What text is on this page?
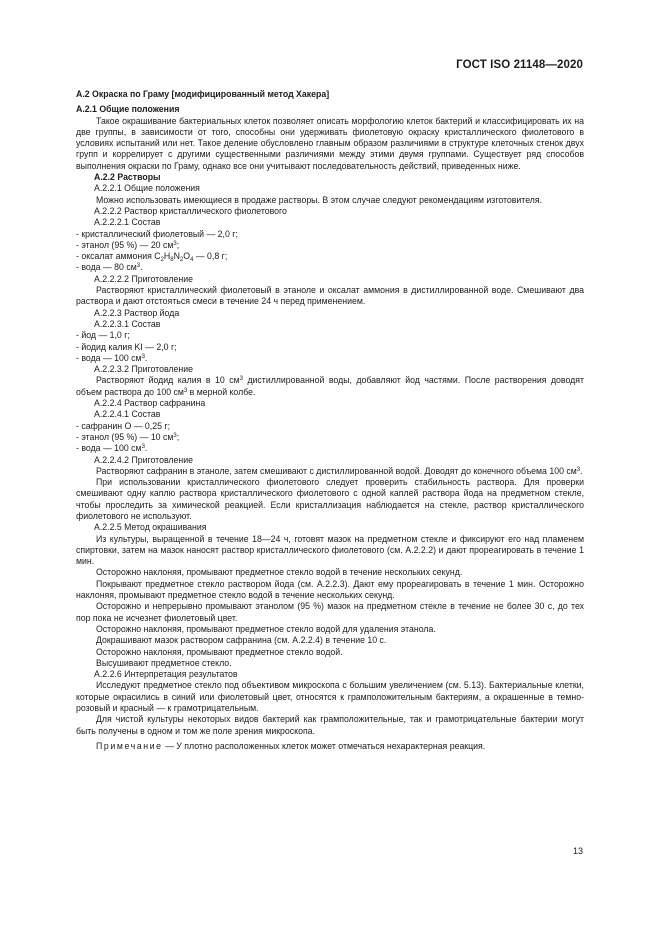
ГОСТ ISO 21148—2020

A.2 Окраска по Граму [модифицированный метод Хакера]

A.2.1 Общие положения

Такое окрашивание бактериальных клеток позволяет описать морфологию клеток бактерий и классифицировать их на две группы, в зависимости от того, способны они удерживать фиолетовую окраску кристаллического фиолетового в условиях испытаний или нет. Такое деление обусловлено главным образом различиями в структуре клеточных стенок двух групп и коррелирует с другими существенными различиями между этими двумя группами. Существует ряд способов выполнения окраски по Граму, однако все они учитывают последовательность действий, приведенных ниже.

A.2.2 Растворы

A.2.2.1 Общие положения

Можно использовать имеющиеся в продаже растворы. В этом случае следуют рекомендациям изготовителя.

A.2.2.2 Раствор кристаллического фиолетового

A.2.2.2.1 Состав

- кристаллический фиолетовый — 2,0 г;

- этанол (95 %) — 20 $см^3$;

- оксалат аммония $C_2H_8N_2O_4$ — 0,8 г;

- вода — 80 $см^3$.

A.2.2.2.2 Приготовление

Растворяют кристаллический фиолетовый в этаноле и оксалат аммония в дистиллированной воде. Смешивают два раствора и дают отстояться смеси в течение 24 ч перед применением.

A.2.2.3 Раствор йода

A.2.2.3.1 Состав

- йод — 1,0 г;

- йодид калия KI — 2,0 г;

- вода — 100 $см^3$.

A.2.2.3.2 Приготовление

Растворяют йодид калия в 10 $см^3$ дистиллированной воды, добавляют йод частями. После растворения доводят объем раствора до 100 $см^3$ в мерной колбе.

A.2.2.4 Раствор сафранина

A.2.2.4.1 Состав

- сафранин O — 0,25 г;

- этанол (95 %) — 10 $см^3$;

- вода — 100 $см^3$.

A.2.2.4.2 Приготовление

Растворяют сафранин в этаноле, затем смешивают с дистиллированной водой. Доводят до конечного объема 100 $см^3$.

При использовании кристаллического фиолетового следует проверить стабильность раствора. Для проверки смешивают одну каплю раствора кристаллического фиолетового с одной каплей раствора йода на предметном стекле, чтобы проследить за химической реакцией. Если кристаллизация наблюдается на стекле, раствор кристаллического фиолетового не используют.

A.2.2.5 Метод окрашивания

Из культуры, выращенной в течение 18—24 ч, готовят мазок на предметном стекле и фиксируют его над пламенем спиртовки, затем на мазок наносят раствор кристаллического фиолетового (см. A.2.2.2) и дают прореагировать в течение 1 мин.

Осторожно наклоняя, промывают предметное стекло водой в течение нескольких секунд.

Покрывают предметное стекло раствором йода (см. A.2.2.3). Дают ему прореагировать в течение 1 мин. Осторожно наклоняя, промывают предметное стекло водой в течение нескольких секунд.

Осторожно и непрерывно промывают этанолом (95 %) мазок на предметном стекле в течение не более 30 с, до тех пор пока не исчезнет фиолетовый цвет.

Осторожно наклоняя, промывают предметное стекло водой для удаления этанола.

Докрашивают мазок раствором сафранина (см. A.2.2.4) в течение 10 с.

Осторожно наклоняя, промывают предметное стекло водой.

Высушивают предметное стекло.

A.2.2.6 Интерпретация результатов

Исследуют предметное стекло под объективом микроскопа с большим увеличением (см. 5.13). Бактериальные клетки, которые окрасились в синий или фиолетовый цвет, относятся к грамположительным бактериям, а окрашенные в темно-розовый и красный — к грамотрицательным.

Для чистой культуры некоторых видов бактерий как грамположительные, так и грамотрицательные бактерии могут быть получены в одном и том же поле зрения микроскопа.

Примечание — У плотно расположенных клеток может отмечаться нехарактерная реакция.

13
